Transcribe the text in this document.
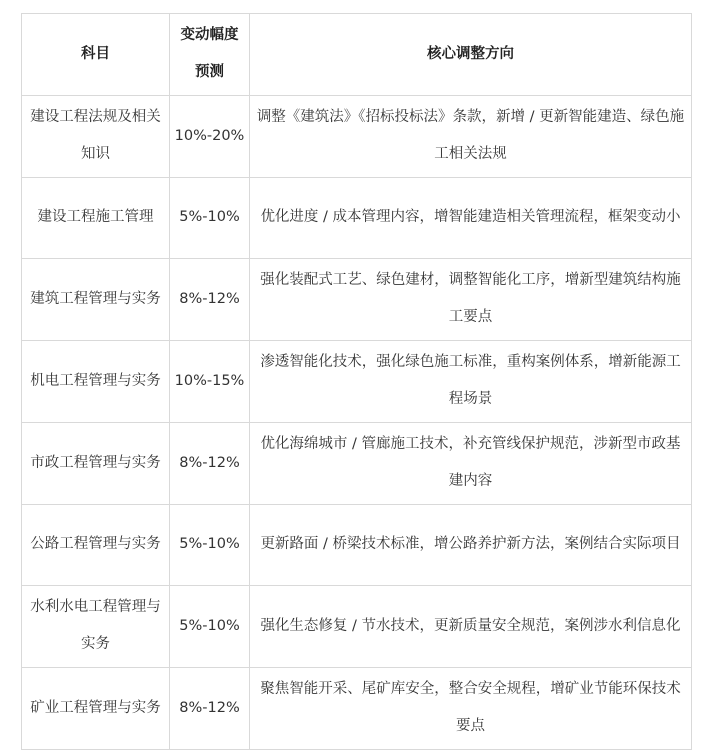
科目	变动幅度预测	核心调整方向
建设工程法规及相关知识	10%-20%	调整《建筑法》《招标投标法》条款，新增 / 更新智能建造、绿色施工相关法规
建设工程施工管理	5%-10%	优化进度 / 成本管理内容，增智能建造相关管理流程，框架变动小
建筑工程管理与实务	8%-12%	强化装配式工艺、绿色建材，调整智能化工序，增新型建筑结构施工要点
机电工程管理与实务	10%-15%	渗透智能化技术，强化绿色施工标准，重构案例体系，增新能源工程场景
市政工程管理与实务	8%-12%	优化海绵城市 / 管廊施工技术，补充管线保护规范，涉新型市政基建内容
公路工程管理与实务	5%-10%	更新路面 / 桥梁技术标准，增公路养护新方法，案例结合实际项目
水利水电工程管理与实务	5%-10%	强化生态修复 / 节水技术，更新质量安全规范，案例涉水利信息化
矿业工程管理与实务	8%-12%	聚焦智能开采、尾矿库安全，整合安全规程，增矿业节能环保技术要点
